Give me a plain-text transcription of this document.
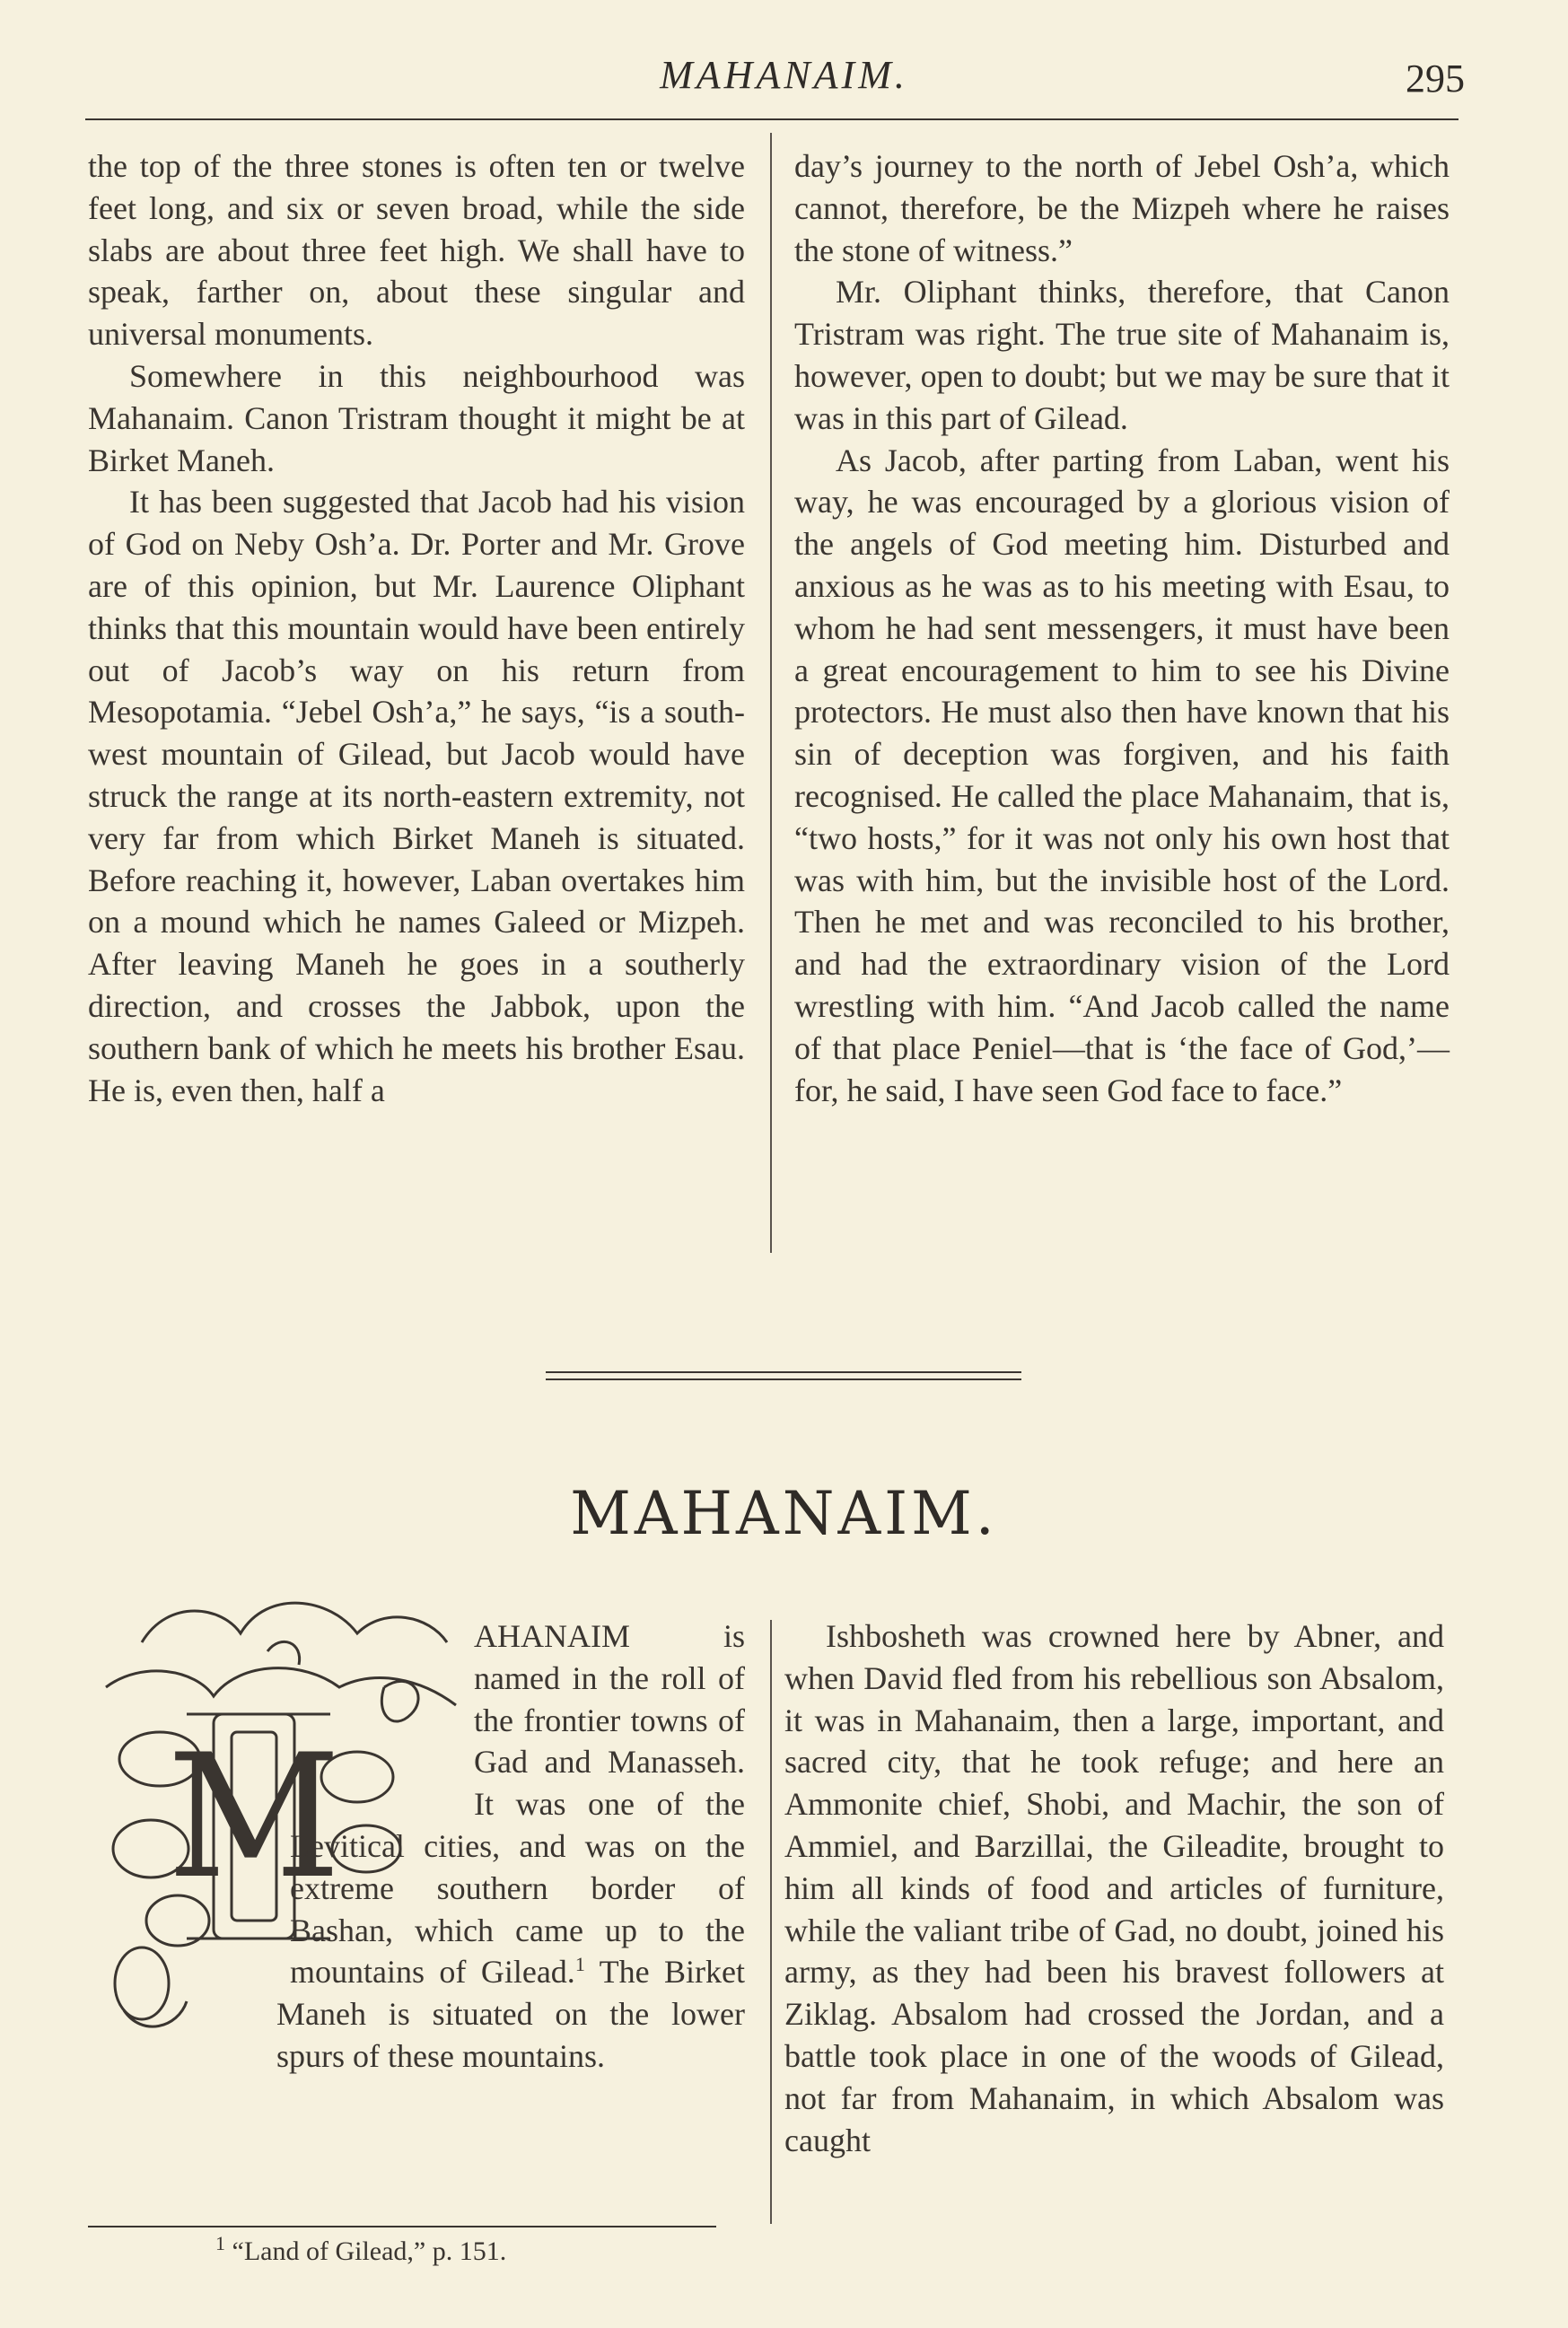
MAHANAIM.	295

the top of the three stones is often ten or twelve feet long, and six or seven broad, while the side slabs are about three feet high. We shall have to speak, farther on, about these singular and universal monuments.

Somewhere in this neighbourhood was Mahanaim. Canon Tristram thought it might be at Birket Maneh.

It has been suggested that Jacob had his vision of God on Neby Osh’a. Dr. Porter and Mr. Grove are of this opinion, but Mr. Laurence Oliphant thinks that this mountain would have been entirely out of Jacob’s way on his return from Mesopotamia. “Jebel Osh’a,” he says, “is a south-west mountain of Gilead, but Jacob would have struck the range at its north-eastern extremity, not very far from which Birket Maneh is situated. Before reaching it, however, Laban overtakes him on a mound which he names Galeed or Mizpeh. After leaving Maneh he goes in a southerly direction, and crosses the Jabbok, upon the southern bank of which he meets his brother Esau. He is, even then, half a

day’s journey to the north of Jebel Osh’a, which cannot, therefore, be the Mizpeh where he raises the stone of witness.”

Mr. Oliphant thinks, therefore, that Canon Tristram was right. The true site of Mahanaim is, however, open to doubt; but we may be sure that it was in this part of Gilead.

As Jacob, after parting from Laban, went his way, he was encouraged by a glorious vision of the angels of God meeting him. Disturbed and anxious as he was as to his meeting with Esau, to whom he had sent messengers, it must have been a great encouragement to him to see his Divine protectors. He must also then have known that his sin of deception was forgiven, and his faith recognised. He called the place Mahanaim, that is, “two hosts,” for it was not only his own host that was with him, but the invisible host of the Lord. Then he met and was reconciled to his brother, and had the extraordinary vision of the Lord wrestling with him. “And Jacob called the name of that place Peniel—that is ‘the face of God,’—for, he said, I have seen God face to face.”

MAHANAIM.
M

AHANAIM is named in the roll of the frontier towns of Gad and Manasseh. It was one of the Levitical cities, and was on the extreme southern border of Bashan, which came up to the mountains of Gilead.$^1$ The Birket Maneh is situated on the lower spurs of these mountains.

Ishbosheth was crowned here by Abner, and when David fled from his rebellious son Absalom, it was in Mahanaim, then a large, important, and sacred city, that he took refuge; and here an Ammonite chief, Shobi, and Machir, the son of Ammiel, and Barzillai, the Gileadite, brought to him all kinds of food and articles of furniture, while the valiant tribe of Gad, no doubt, joined his army, as they had been his bravest followers at Ziklag. Absalom had crossed the Jordan, and a battle took place in one of the woods of Gilead, not far from Mahanaim, in which Absalom was caught

$^1$ “Land of Gilead,” p. 151.
